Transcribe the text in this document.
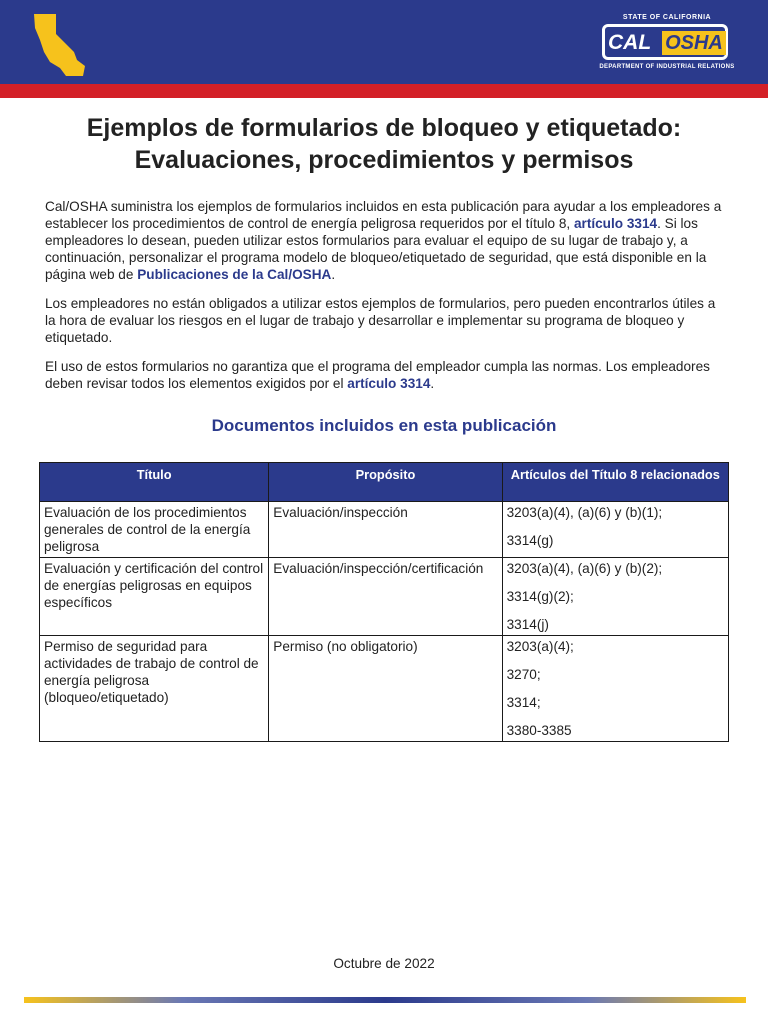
STATE OF CALIFORNIA
CAL OSHA
DEPARTMENT OF INDUSTRIAL RELATIONS
Ejemplos de formularios de bloqueo y etiquetado:
Evaluaciones, procedimientos y permisos

Cal/OSHA suministra los ejemplos de formularios incluidos en esta publicación para ayudar a los empleadores a establecer los procedimientos de control de energía peligrosa requeridos por el título 8, artículo 3314. Si los empleadores lo desean, pueden utilizar estos formularios para evaluar el equipo de su lugar de trabajo y, a continuación, personalizar el programa modelo de bloqueo/etiquetado de seguridad, que está disponible en la página web de Publicaciones de la Cal/OSHA.

Los empleadores no están obligados a utilizar estos ejemplos de formularios, pero pueden encontrarlos útiles a la hora de evaluar los riesgos en el lugar de trabajo y desarrollar e implementar su programa de bloqueo y etiquetado.

El uso de estos formularios no garantiza que el programa del empleador cumpla las normas. Los empleadores deben revisar todos los elementos exigidos por el artículo 3314.

Documentos incluidos en esta publicación
Título	Propósito	Artículos del Título 8 relacionados
Evaluación de los procedimientos generales de control de la energía peligrosa	Evaluación/inspección	3203(a)(4), (a)(6) y (b)(1);
3314(g)

Evaluación y certificación del control de energías peligrosas en equipos específicos	Evaluación/inspección/certificación	3203(a)(4), (a)(6) y (b)(2);
3314(g)(2);
3314(j)

Permiso de seguridad para actividades de trabajo de control de energía peligrosa (bloqueo/etiquetado)	Permiso (no obligatorio)	3203(a)(4);
3270;
3314;
3380-3385
Octubre de 2022
